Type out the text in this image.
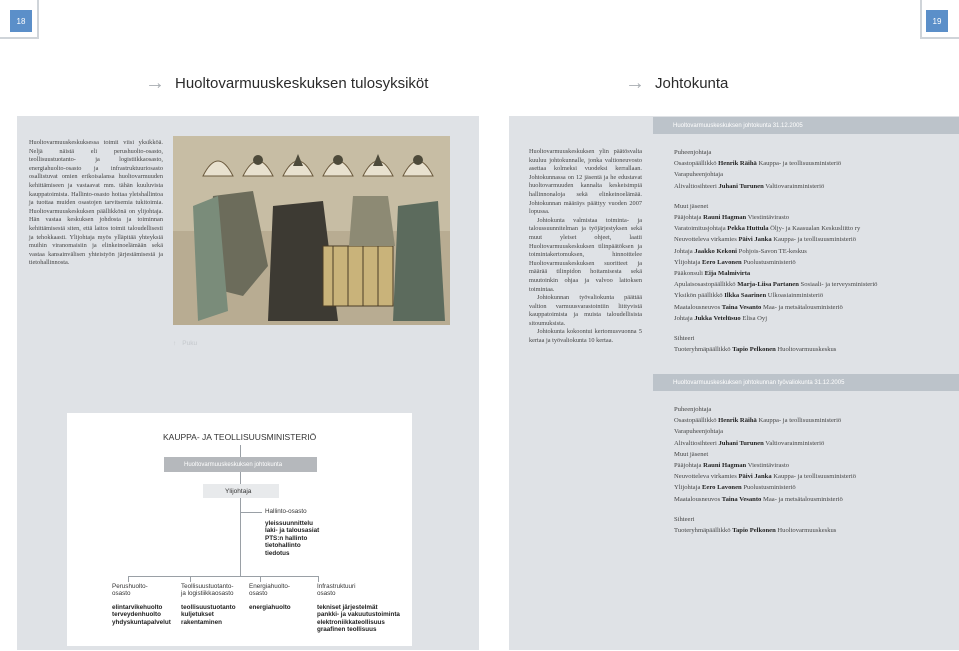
18	19
→ Huoltovarmuuskeskuksen tulosyksiköt	→ Johtokunta
Huoltovarmuuskeskuksessa toimii viisi yksikköä. Neljä näistä eli perushuolto-osasto, teollisuustuotanto- ja logistiikkaosasto, energiahuolto-osasto ja infrastruktuuriosasto osallistuvat omien erikoisalansa huoltovarmuuden kehittämiseen ja vastaavat mm. tähän kuuluvista kauppatoimista. Hallinto-osasto hoitaa yleishallintoa ja tuottaa muiden osastojen tarvitsemia tukitoimia. Huoltovarmuuskeskuksen päällikkönä on ylijohtaja. Hän vastaa keskuksen johdosta ja toiminnan kehittämisestä siten, että laitos toimii taloudellisesti ja tehokkaasti. Ylijohtaja myös ylläpitää yhteyksiä muihin viranomaisiin ja elinkeinoelämään sekä vastaa kansainvälisen yhteistyön järjestämisestä ja tietohallinnosta.
↑ Puku
KAUPPA- JA TEOLLISUUSMINISTERIÖ
Huoltovarmuuskeskuksen johtokunta
Ylijohtaja
Hallinto-osasto
yleissuunnittelu
laki- ja talousasiat
PTS:n hallinto
tietohallinto
tiedotus
Perushuolto-
osasto
elintarvikehuolto
terveydenhuolto
yhdyskuntapalvelut
Teollisuustuotanto-
ja logistiikkaosasto
teollisuustuotanto
kuljetukset
rakentaminen
Energiahuolto-
osasto
energiahuolto
Infrastruktuuri
osasto
tekniset järjestelmät
pankki- ja vakuutustoiminta
elektroniikkateollisuus
graafinen teollisuus
Huoltovarmuuskeskuksen ylin päätösvalta kuuluu johtokunnalle, jonka valtioneuvosto asettaa kolmeksi vuodeksi kerrallaan. Johtokunnassa on 12 jäsentä ja he edustavat huoltovarmuuden kannalta keskeisimpiä hallinnonaloja sekä elinkeinoelämää. Johtokunnan määräys päättyy vuoden 2007 lopussa.
Johtokunta valmistaa toiminta- ja taloussuunnitelman ja työjärjestyksen sekä muut yleiset ohjeet, laatii Huoltovarmuuskeskuksen tilinpäätöksen ja toimintakertomuksen, hinnoittelee Huoltovarmuuskeskuksen suoritteet ja määrää tilinpidon hoitamisesta sekä muutoinkin ohjaa ja valvoo laitoksen toimintaa.
Johtokunnan työvaliokunta päättää valtion varmuusvarastointiin liittyvistä kauppatoimista ja muista taloudellisista sitoumuksista.
Johtokunta kokoontui kertomusvuonna 5 kertaa ja työvaliokunta 10 kertaa.
Huoltovarmuuskeskuksen johtokunta 31.12.2005
Puheenjohtaja
Osastopäällikkö Henrik Räihä Kauppa- ja teollisuusministeriö
Varapuheenjohtaja
Alivaltiosihteeri Juhani Turunen Valtiovarainministeriö
Muut jäsenet
Pääjohtaja Rauni Hagman Viestintävirasto
Varatoimitusjohtaja Pekka Huttula Öljy- ja Kaasualan Keskusliitto ry
Neuvotteleva virkamies Päivi Janka Kauppa- ja teollisuusministeriö
Johtaja Jaakko Kekoni Pohjois-Savon TE-keskus
Ylijohtaja Eero Lavonen Puolustusministeriö
Pääkonsuli Eija Malmivirta
Apulaisosastopäällikkö Marja-Liisa Partanen Sosiaali- ja terveysministeriö
Yksikön päällikkö Ilkka Saarinen Ulkoasiainministeriö
Maatalousneuvos Taina Vesanto Maa- ja metsätalousministeriö
Johtaja Jukka Vetelüsuo Elisa Oyj
Sihteeri
Tuoteryhmäpäällikkö Tapio Pelkonen Huoltovarmuuskeskus
Huoltovarmuuskeskuksen johtokunnan työvaliokunta 31.12.2005
Puheenjohtaja
Osastopäällikkö Henrik Räihä Kauppa- ja teollisuusministeriö
Varapuheenjohtaja
Alivaltiosihteeri Juhani Turunen Valtiovarainministeriö
Muut jäsenet
Pääjohtaja Rauni Hagman Viestintävirasto
Neuvotteleva virkamies Päivi Janka Kauppa- ja teollisuusministeriö
Ylijohtaja Eero Lavonen Puolustusministeriö
Maatalousneuvos Taina Vesanto Maa- ja metsätalousministeriö
Sihteeri
Tuoteryhmäpäällikkö Tapio Pelkonen Huoltovarmuuskeskus
